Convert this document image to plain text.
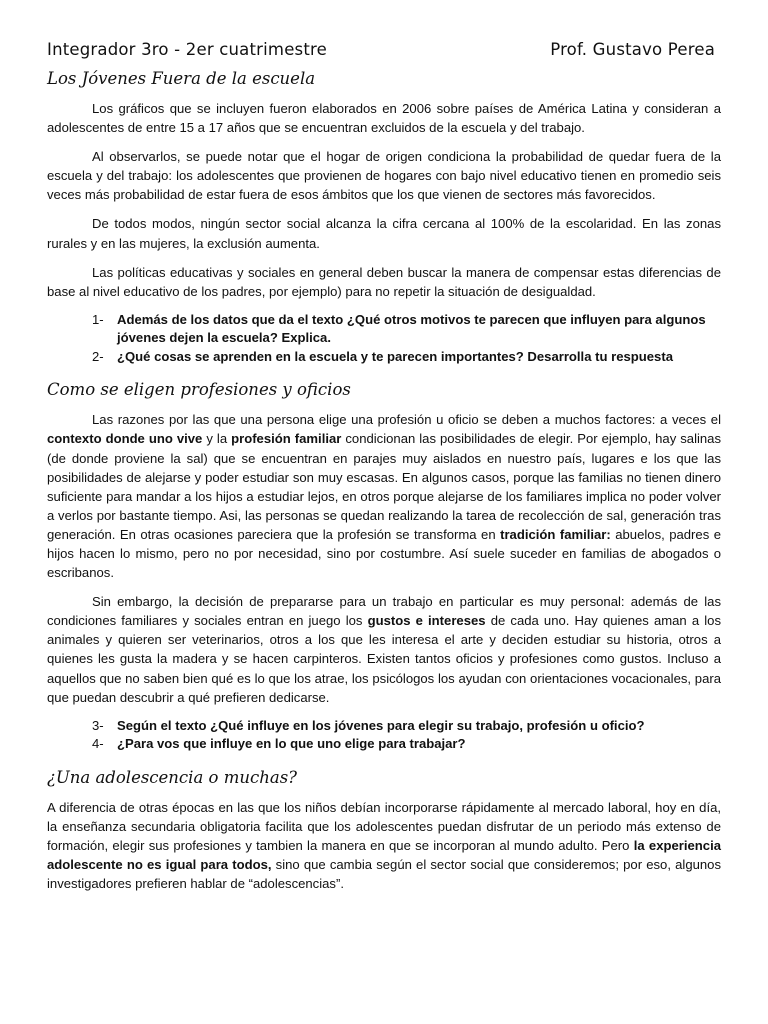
Integrador 3ro - 2er cuatrimestre	Prof. Gustavo Perea
Los Jóvenes Fuera de la escuela

Los gráficos que se incluyen fueron elaborados en 2006 sobre países de América Latina y consideran a adolescentes de entre 15 a 17 años que se encuentran excluidos de la escuela y del trabajo.

Al observarlos, se puede notar que el hogar de origen condiciona la probabilidad de quedar fuera de la escuela y del trabajo: los adolescentes que provienen de hogares con bajo nivel educativo tienen en promedio seis veces más probabilidad de estar fuera de esos ámbitos que los que vienen de sectores más favorecidos.

De todos modos, ningún sector social alcanza la cifra cercana al 100% de la escolaridad. En las zonas rurales y en las mujeres, la exclusión aumenta.

Las políticas educativas y sociales en general deben buscar la manera de compensar estas diferencias de base al nivel educativo de los padres, por ejemplo) para no repetir la situación de desigualdad.

1-	Además de los datos que da el texto ¿Qué otros motivos te parecen que influyen para algunos jóvenes dejen la escuela? Explica.
2-	¿Qué cosas se aprenden en la escuela y te parecen importantes? Desarrolla tu respuesta
Como se eligen profesiones y oficios

Las razones por las que una persona elige una profesión u oficio se deben a muchos factores: a veces el contexto donde uno vive y la profesión familiar condicionan las posibilidades de elegir. Por ejemplo, hay salinas (de donde proviene la sal) que se encuentran en parajes muy aislados en nuestro país, lugares e los que las posibilidades de alejarse y poder estudiar son muy escasas. En algunos casos, porque las familias no tienen dinero suficiente para mandar a los hijos a estudiar lejos, en otros porque alejarse de los familiares implica no poder volver a verlos por bastante tiempo. Asi, las personas se quedan realizando la tarea de recolección de sal, generación tras generación. En otras ocasiones pareciera que la profesión se transforma en tradición familiar: abuelos, padres e hijos hacen lo mismo, pero no por necesidad, sino por costumbre. Así suele suceder en familias de abogados o escribanos.

Sin embargo, la decisión de prepararse para un trabajo en particular es muy personal: además de las condiciones familiares y sociales entran en juego los gustos e intereses de cada uno. Hay quienes aman a los animales y quieren ser veterinarios, otros a los que les interesa el arte y deciden estudiar su historia, otros a quienes les gusta la madera y se hacen carpinteros. Existen tantos oficios y profesiones como gustos. Incluso a aquellos que no saben bien qué es lo que los atrae, los psicólogos los ayudan con orientaciones vocacionales, para que puedan descubrir a qué prefieren dedicarse.

3-	Según el texto ¿Qué influye en los jóvenes para elegir su trabajo, profesión u oficio?
4-	¿Para vos que influye en lo que uno elige para trabajar?
¿Una adolescencia o muchas?

A diferencia de otras épocas en las que los niños debían incorporarse rápidamente al mercado laboral, hoy en día, la enseñanza secundaria obligatoria facilita que los adolescentes puedan disfrutar de un periodo más extenso de formación, elegir sus profesiones y tambien la manera en que se incorporan al mundo adulto. Pero la experiencia adolescente no es igual para todos, sino que cambia según el sector social que consideremos; por eso, algunos investigadores prefieren hablar de “adolescencias”.
